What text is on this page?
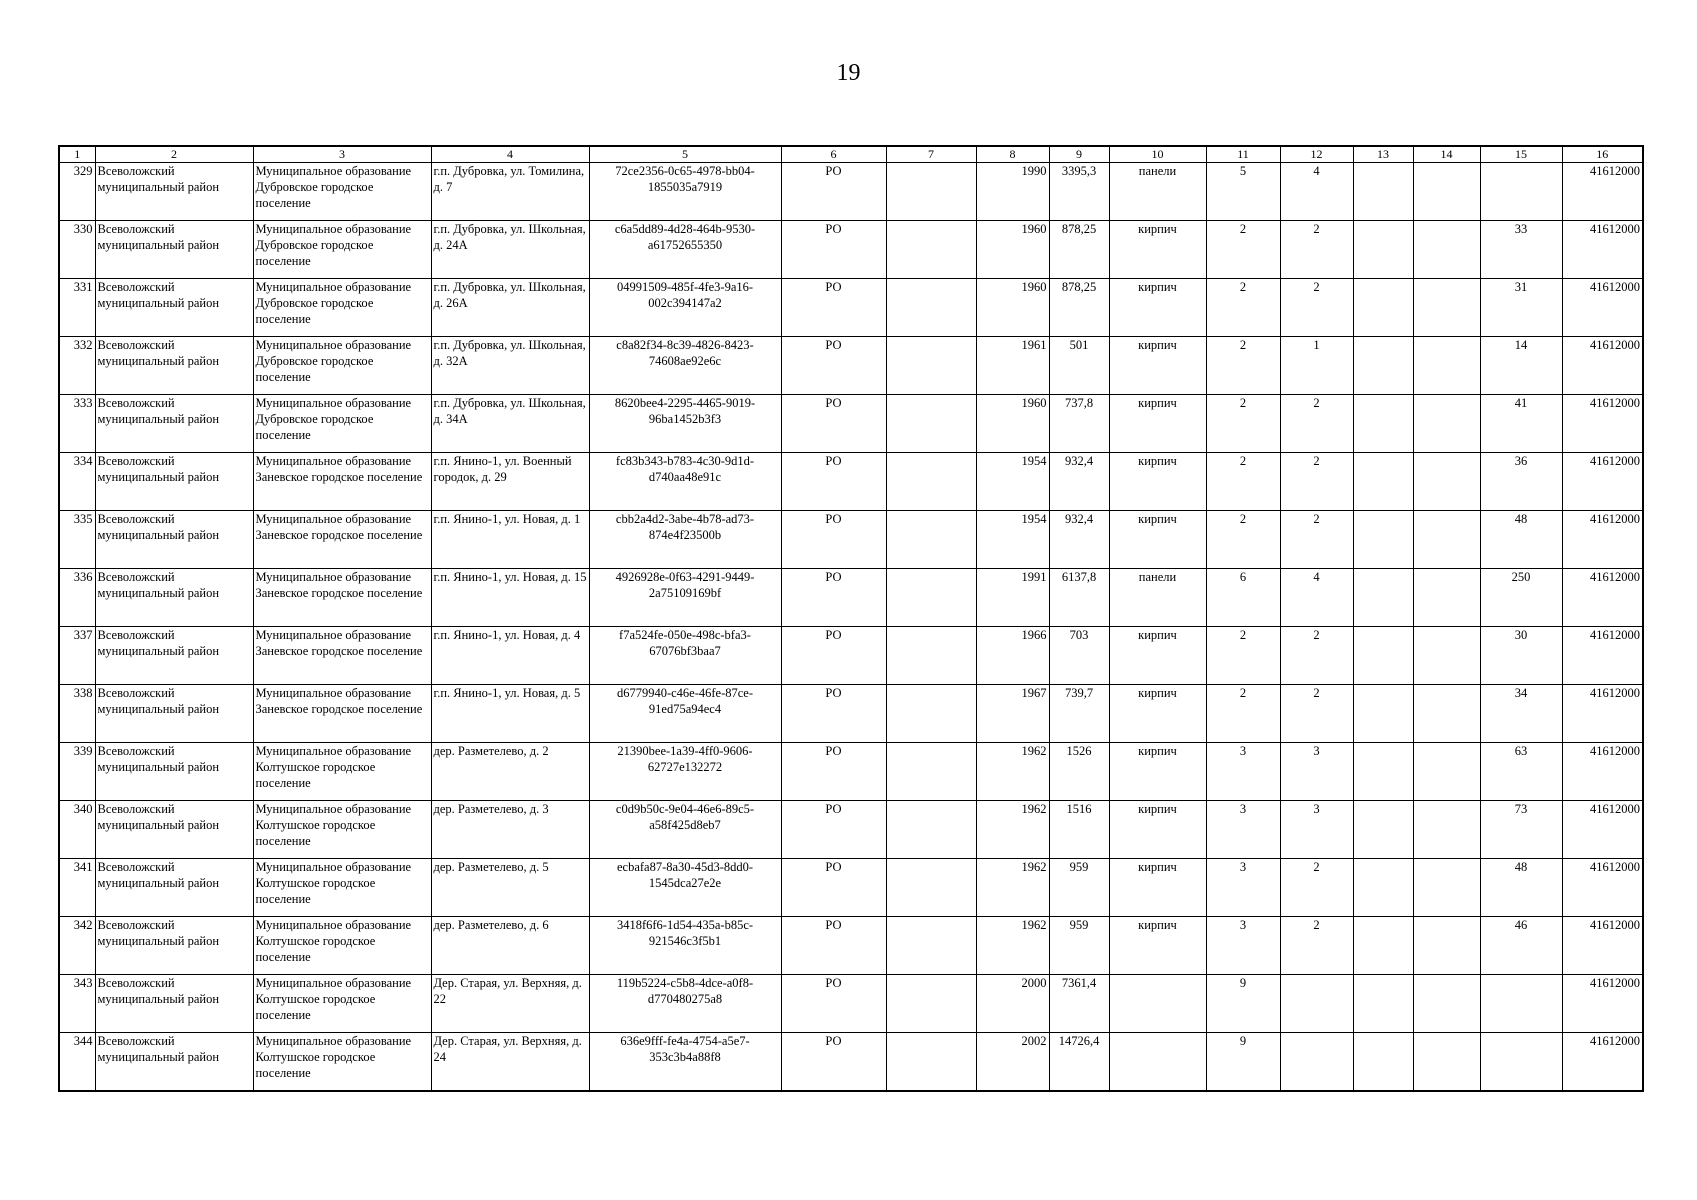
19
1	2	3	4	5	6	7	8	9	10	11	12	13	14	15	16
329	Всеволожский муниципальный район	Муниципальное образование Дубровское городское поселение	г.п. Дубровка, ул. Томилина, д. 7	72ce2356-0c65-4978-bb04-1855035a7919	РО		1990	3395,3	панели	5	4				41612000
330	Всеволожский муниципальный район	Муниципальное образование Дубровское городское поселение	г.п. Дубровка, ул. Школьная, д. 24А	c6a5dd89-4d28-464b-9530-a61752655350	РО		1960	878,25	кирпич	2	2			33	41612000
331	Всеволожский муниципальный район	Муниципальное образование Дубровское городское поселение	г.п. Дубровка, ул. Школьная, д. 26А	04991509-485f-4fe3-9a16-002c394147a2	РО		1960	878,25	кирпич	2	2			31	41612000
332	Всеволожский муниципальный район	Муниципальное образование Дубровское городское поселение	г.п. Дубровка, ул. Школьная, д. 32А	c8a82f34-8c39-4826-8423-74608ae92e6c	РО		1961	501	кирпич	2	1			14	41612000
333	Всеволожский муниципальный район	Муниципальное образование Дубровское городское поселение	г.п. Дубровка, ул. Школьная, д. 34А	8620bee4-2295-4465-9019-96ba1452b3f3	РО		1960	737,8	кирпич	2	2			41	41612000
334	Всеволожский муниципальный район	Муниципальное образование Заневское городское поселение	г.п. Янино-1, ул. Военный городок, д. 29	fc83b343-b783-4c30-9d1d-d740aa48e91c	РО		1954	932,4	кирпич	2	2			36	41612000
335	Всеволожский муниципальный район	Муниципальное образование Заневское городское поселение	г.п. Янино-1, ул. Новая, д. 1	cbb2a4d2-3abe-4b78-ad73-874e4f23500b	РО		1954	932,4	кирпич	2	2			48	41612000
336	Всеволожский муниципальный район	Муниципальное образование Заневское городское поселение	г.п. Янино-1, ул. Новая, д. 15	4926928e-0f63-4291-9449-2a75109169bf	РО		1991	6137,8	панели	6	4			250	41612000
337	Всеволожский муниципальный район	Муниципальное образование Заневское городское поселение	г.п. Янино-1, ул. Новая, д. 4	f7a524fe-050e-498c-bfa3-67076bf3baa7	РО		1966	703	кирпич	2	2			30	41612000
338	Всеволожский муниципальный район	Муниципальное образование Заневское городское поселение	г.п. Янино-1, ул. Новая, д. 5	d6779940-c46e-46fe-87ce-91ed75a94ec4	РО		1967	739,7	кирпич	2	2			34	41612000
339	Всеволожский муниципальный район	Муниципальное образование Колтушское городское поселение	дер. Разметелево, д. 2	21390bee-1a39-4ff0-9606-62727e132272	РО		1962	1526	кирпич	3	3			63	41612000
340	Всеволожский муниципальный район	Муниципальное образование Колтушское городское поселение	дер. Разметелево, д. 3	c0d9b50c-9e04-46e6-89c5-a58f425d8eb7	РО		1962	1516	кирпич	3	3			73	41612000
341	Всеволожский муниципальный район	Муниципальное образование Колтушское городское поселение	дер. Разметелево, д. 5	ecbafa87-8a30-45d3-8dd0-1545dca27e2e	РО		1962	959	кирпич	3	2			48	41612000
342	Всеволожский муниципальный район	Муниципальное образование Колтушское городское поселение	дер. Разметелево, д. 6	3418f6f6-1d54-435a-b85c-921546c3f5b1	РО		1962	959	кирпич	3	2			46	41612000
343	Всеволожский муниципальный район	Муниципальное образование Колтушское городское поселение	Дер. Старая, ул. Верхняя, д. 22	119b5224-c5b8-4dce-a0f8-d770480275a8	РО		2000	7361,4		9					41612000
344	Всеволожский муниципальный район	Муниципальное образование Колтушское городское поселение	Дер. Старая, ул. Верхняя, д. 24	636e9fff-fe4a-4754-a5e7-353c3b4a88f8	РО		2002	14726,4		9					41612000
